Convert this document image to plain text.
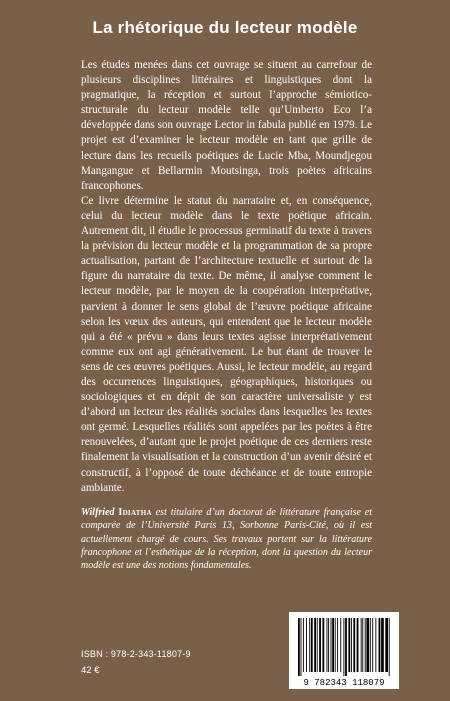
La rhétorique du lecteur modèle

Les études menées dans cet ouvrage se situent au carrefour de plusieurs disciplines littéraires et linguistiques dont la pragmatique, la réception et surtout l’approche sémiotico-structurale du lecteur modèle telle qu’Umberto Eco l’a développée dans son ouvrage Lector in fabula publié en 1979. Le projet est d’examiner le lecteur modèle en tant que grille de lecture dans les recueils poétiques de Lucie Mba, Moundjegou Mangangue et Bellarmin Moutsinga, trois poètes africains francophones.

Ce livre détermine le statut du narrataire et, en conséquence, celui du lecteur modèle dans le texte poétique africain. Autrement dit, il étudie le processus germinatif du texte à travers la prévision du lecteur modèle et la programmation de sa propre actualisation, partant de l’architecture textuelle et surtout de la figure du narrataire du texte. De même, il analyse comment le lecteur modèle, par le moyen de la coopération interprétative, parvient à donner le sens global de l’œuvre poétique africaine selon les vœux des auteurs, qui entendent que le lecteur modèle qui a été « prévu » dans leurs textes agisse interprétativement comme eux ont agi générativement. Le but étant de trouver le sens de ces œuvres poétiques. Aussi, le lecteur modèle, au regard des occurrences linguistiques, géographiques, historiques ou sociologiques et en dépit de son caractère universaliste y est d’abord un lecteur des réalités sociales dans lesquelles les textes ont germé. Lesquelles réalités sont appelées par les poètes à être renouvelées, d’autant que le projet poétique de ces derniers reste finalement la visualisation et la construction d’un avenir désiré et constructif, à l’opposé de toute déchéance et de toute entropie ambiante.

Wilfried Idiatha est titulaire d’un doctorat de littérature française et comparée de l’Université Paris 13, Sorbonne Paris-Cité, où il est actuellement chargé de cours. Ses travaux portent sur la littérature francophone et l’esthétique de la réception, dont la question du lecteur modèle est une des notions fondamentales.
ISBN : 978-2-343-11807-9
42 €
9 782343 118079
